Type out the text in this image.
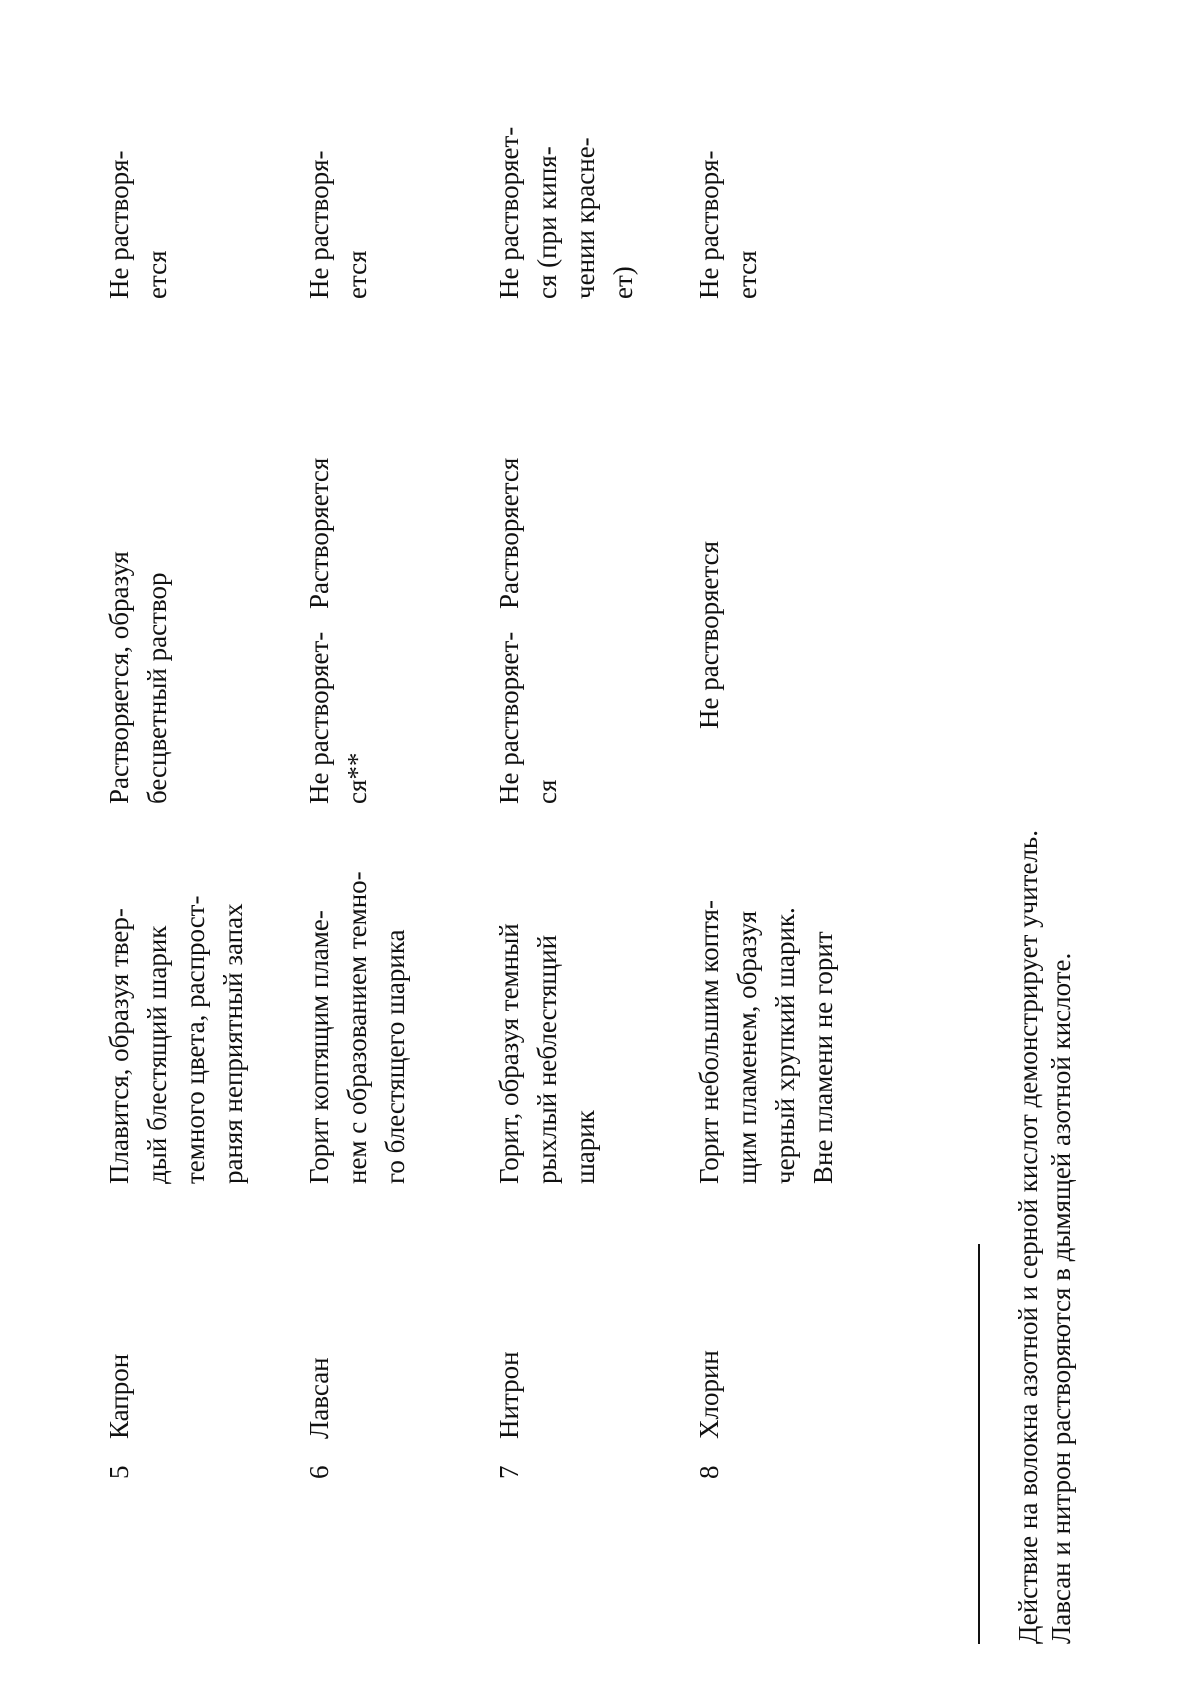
5
Капрон
Плавится, образуя твер-
дый блестящий шарик
темного цвета, распрост-
раняя неприятный запах
Растворяется, образуя
бесцветный раствор
Не растворя-
ется
6
Лавсан
Горит коптящим пламе-
нем с образованием темно-
го блестящего шарика
Не растворяет-
ся**
Растворяется
Не растворя-
ется
7
Нитрон
Горит, образуя темный
рыхлый неблестящий
шарик
Не растворяет-
ся
Растворяется
Не растворяет-
ся (при кипя-
чении красне-
ет)
8
Хлорин
Горит небольшим коптя-
щим пламенем, образуя
черный хрупкий шарик.
Вне пламени не горит
Не растворяется
Не растворя-
ется
Действие на волокна азотной и серной кислот демонстрирует учитель. Лавсан и нитрон растворяются в дымящей азотной кислоте.
